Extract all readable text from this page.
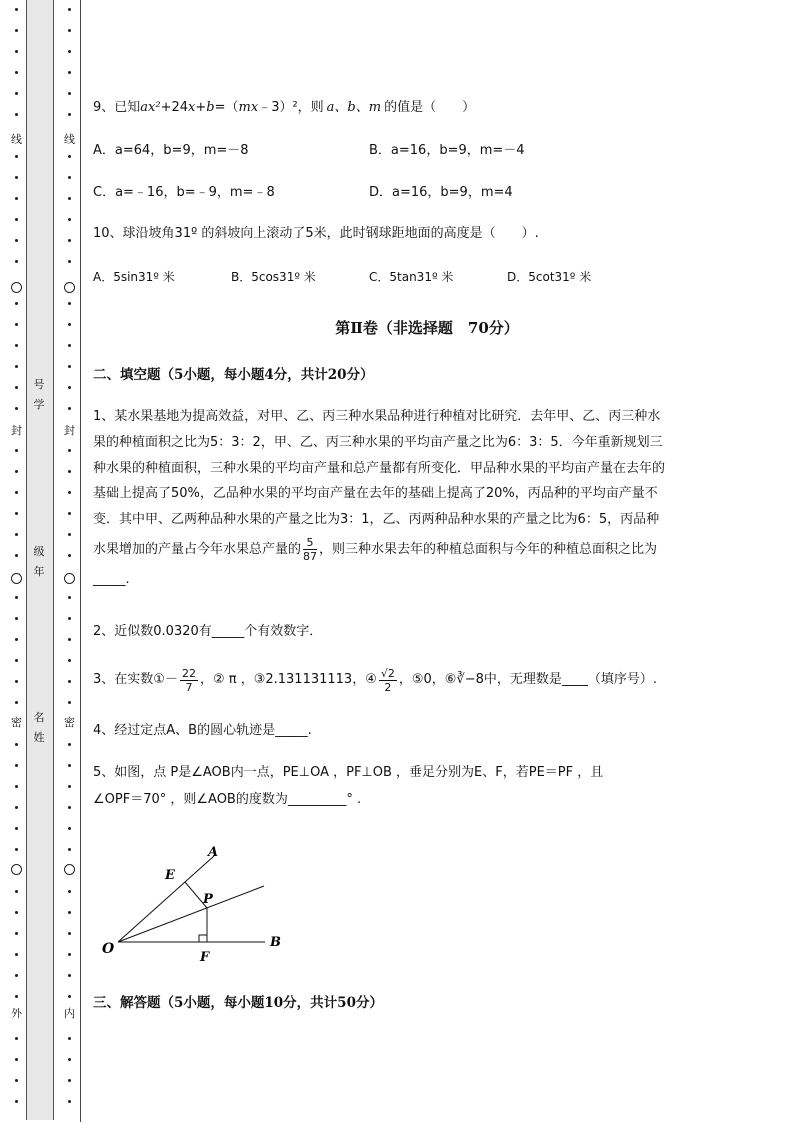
线
封
密
外
线
封
密
内
号
学
级
年
名
姓
9、已知ax²+24x+b=（mx﹣3）²，则 a、b、m 的值是（　　）
A．a=64，b=9，m=－8	B．a=16，b=9，m=－4
C．a=﹣16，b=﹣9，m=﹣8	D．a=16，b=9，m=4
10、球沿坡角31º 的斜坡向上滚动了5米，此时钢球距地面的高度是（　　）.
A．5sin31º 米	B．5cos31º 米	C．5tan31º 米	D．5cot31º 米
第Ⅱ卷（非选择题　70分）
二、填空题（5小题，每小题4分，共计20分）
1、某水果基地为提高效益，对甲、乙、丙三种水果品种进行种植对比研究．去年甲、乙、丙三种水
果的种植面积之比为5：3：2，甲、乙、丙三种水果的平均亩产量之比为6：3：5．今年重新规划三
种水果的种植面积，三种水果的平均亩产量和总产量都有所变化．甲品种水果的平均亩产量在去年的
基础上提高了50%，乙品种水果的平均亩产量在去年的基础上提高了20%，丙品种的平均亩产量不
变．其中甲、乙两种品种水果的产量之比为3：1，乙、丙两种品种水果的产量之比为6：5，丙品种
水果增加的产量占今年水果总产量的 $\frac{5}{87}$ ，则三种水果去年的种植总面积与今年的种植总面积之比为
_____.
2、近似数0.0320有_____个有效数字．
3、在实数① － $\frac{22}{7}$ ，② π ，③2.131131113，④ $\frac{√2}{2}$ ，⑤0，⑥ ∛−8 中，无理数是____（填序号）.
4、经过定点A、B的圆心轨迹是_____.
5、如图，点 P是∠AOB内一点，PE⊥OA ，PF⊥OB ，垂足分别为E、F，若PE＝PF ，且
∠OPF＝70° ，则∠AOB的度数为_________° .
O
A
B
E
F
P
三、解答题（5小题，每小题10分，共计50分）
